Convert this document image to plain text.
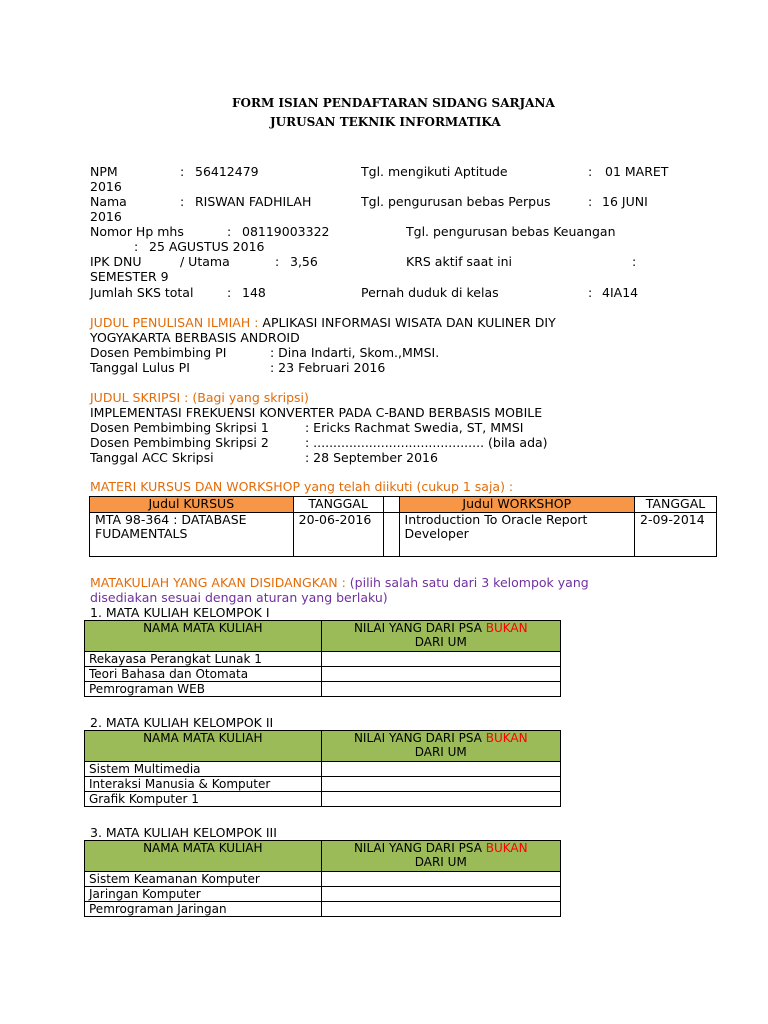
FORM ISIAN PENDAFTARAN SIDANG SARJANA
JURUSAN TEKNIK INFORMATIKA
NPM	: 56412479	Tgl. mengikuti Aptitude	: 01 MARET
2016
Nama	: RISWAN FADHILAH	Tgl. pengurusan bebas Perpus	: 16 JUNI
2016
Nomor Hp mhs	: 08119003322	Tgl. pengurusan bebas Keuangan
: 25 AGUSTUS 2016
IPK DNU	/ Utama	: 3,56	KRS aktif saat ini	:
SEMESTER 9
Jumlah SKS total	: 148	Pernah duduk di kelas	: 4IA14
JUDUL PENULISAN ILMIAH : APLIKASI INFORMASI WISATA DAN KULINER DIY
YOGYAKARTA BERBASIS ANDROID
Dosen Pembimbing PI	: Dina Indarti, Skom.,MMSI.
Tanggal Lulus PI	: 23 Februari 2016
JUDUL SKRIPSI : (Bagi yang skripsi)
IMPLEMENTASI FREKUENSI KONVERTER PADA C-BAND BERBASIS MOBILE
Dosen Pembimbing Skripsi 1	: Ericks Rachmat Swedia, ST, MMSI
Dosen Pembimbing Skripsi 2	: ........................................... (bila ada)
Tanggal ACC Skripsi	: 28 September 2016
MATERI KURSUS DAN WORKSHOP yang telah diikuti (cukup 1 saja) :
Judul KURSUS	TANGGAL		Judul WORKSHOP	TANGGAL
MTA 98-364 : DATABASE FUDAMENTALS	20-06-2016		Introduction To Oracle Report Developer	2-09-2014
MATAKULIAH YANG AKAN DISIDANGKAN : (pilih salah satu dari 3 kelompok yang
disediakan sesuai dengan aturan yang berlaku)
1. MATA KULIAH KELOMPOK I
NAMA MATA KULIAH	NILAI YANG DARI PSA BUKAN
DARI UM
Rekayasa Perangkat Lunak 1	
Teori Bahasa dan Otomata	
Pemrograman WEB	
2. MATA KULIAH KELOMPOK II
NAMA MATA KULIAH	NILAI YANG DARI PSA BUKAN
DARI UM
Sistem Multimedia	
Interaksi Manusia & Komputer	
Grafik Komputer 1	
3. MATA KULIAH KELOMPOK III
NAMA MATA KULIAH	NILAI YANG DARI PSA BUKAN
DARI UM
Sistem Keamanan Komputer	
Jaringan Komputer	
Pemrograman Jaringan	
